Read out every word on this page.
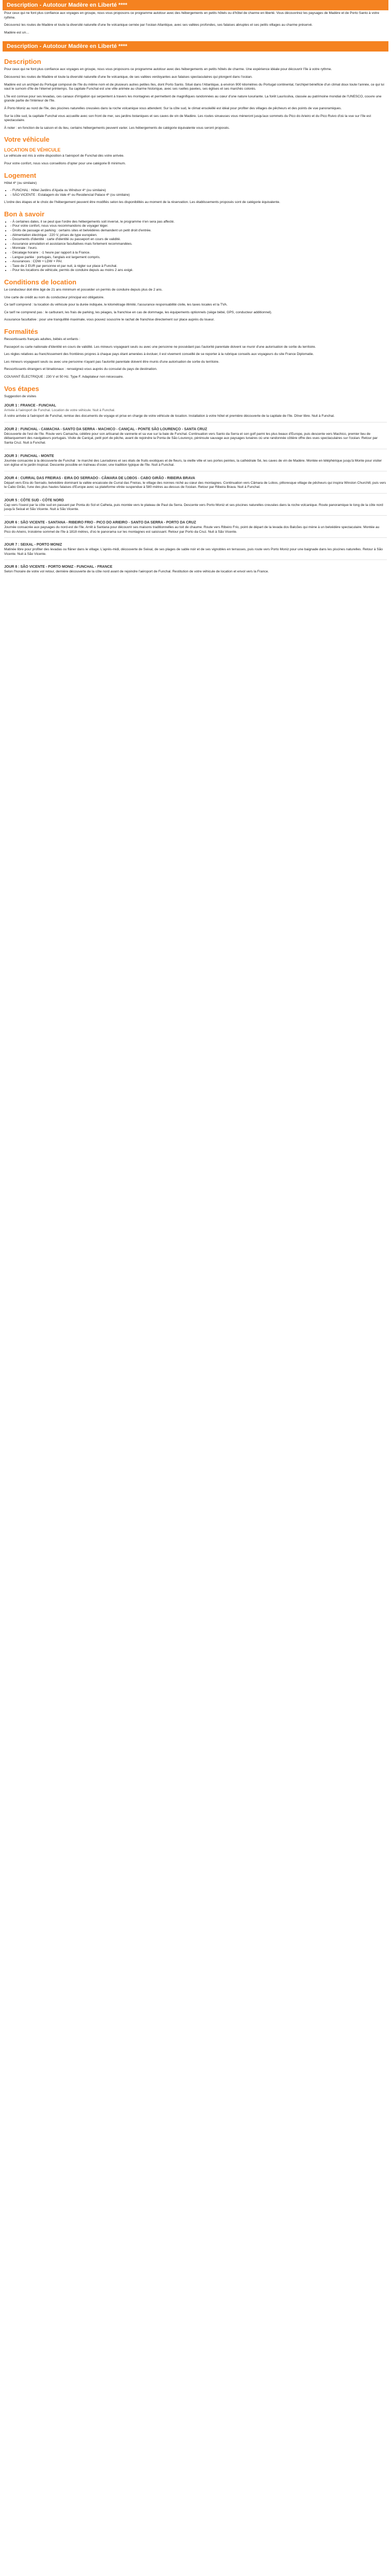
Description - Autotour Madère en Liberté ****

Pour ceux qui ne font plus confiance aux voyages en groupe, nous vous proposons ce programme autotour avec des hébergements en petits hôtels ou d'hôtel de charme en liberté. Vous découvrirez les paysages de Madère et de Porto Santo à votre rythme.

Découvrez les routes de Madère et toute la diversité naturelle d'une île volcanique cernée par l'océan Atlantique, avec ses vallées profondes, ses falaises abruptes et ses petits villages au charme préservé.

Madère est un…

Description - Autotour Madère en Liberté ****
Description

Pour ceux qui ne font plus confiance aux voyages en groupe, nous vous proposons ce programme autotour avec des hébergements en petits hôtels de charme. Une expérience idéale pour découvrir l'île à votre rythme.

Découvrez les routes de Madère et toute la diversité naturelle d'une île volcanique, de ses vallées verdoyantes aux falaises spectaculaires qui plongent dans l'océan.

Madère est un archipel du Portugal composé de l'île du même nom et de plusieurs autres petites îles, dont Porto Santo. Situé dans l'Atlantique, à environ 900 kilomètres du Portugal continental, l'archipel bénéficie d'un climat doux toute l'année, ce qui lui vaut le surnom d'île de l'éternel printemps. Sa capitale Funchal est une ville animée au charme historique, avec ses ruelles pavées, ses églises et ses marchés colorés.

L'île est connue pour ses levadas, ces canaux d'irrigation qui serpentent à travers les montagnes et permettent de magnifiques randonnées au cœur d'une nature luxuriante. La forêt Laurissilva, classée au patrimoine mondial de l'UNESCO, couvre une grande partie de l'intérieur de l'île.

À Porto Moniz au nord de l'île, des piscines naturelles creusées dans la roche volcanique vous attendent. Sur la côte sud, le climat ensoleillé est idéal pour profiter des villages de pêcheurs et des points de vue panoramiques.

Sur la côte sud, la capitale Funchal vous accueille avec son front de mer, ses jardins botaniques et ses caves de vin de Madère. Les routes sinueuses vous mèneront jusqu'aux sommets du Pico do Arieiro et du Pico Ruivo d'où la vue sur l'île est spectaculaire.

À noter : en fonction de la saison et du lieu, certains hébergements peuvent varier. Les hébergements de catégorie équivalente vous seront proposés.

Votre véhicule
LOCATION DE VÉHICULE

Le véhicule est mis à votre disposition à l'aéroport de Funchal dès votre arrivée.

Pour votre confort, nous vous conseillons d'opter pour une catégorie B minimum.

Logement

Hôtel 4* (ou similaire)

• - FUNCHAL : Hôtel Jardins d'Ajuda ou Windsor 4* (ou similaire)
• - SÃO VICENTE : Estalagem do Vale 4* ou Residencial Palace 4* (ou similaire)

L'ordre des étapes et le choix de l'hébergement peuvent être modifiés selon les disponibilités au moment de la réservation. Les établissements proposés sont de catégorie équivalente.

Bon à savoir
• - À certaines dates, il se peut que l'ordre des hébergements soit inversé, le programme n'en sera pas affecté.
• - Pour votre confort, nous vous recommandons de voyager léger.
• - Droits de passage et parking : certains sites et belvédères demandent un petit droit d'entrée.
• - Alimentation électrique : 220 V, prises de type européen.
• - Documents d'identité : carte d'identité ou passeport en cours de validité.
• - Assurance annulation et assistance facultatives mais fortement recommandées.
• - Monnaie : l'euro.
• - Décalage horaire : -1 heure par rapport à la France.
• - Langue parlée : portugais, l'anglais est largement compris.
• - Assurances : CDW + LDW + PAI.
• - Taxe de 2 EUR par personne et par nuit, à régler sur place à Funchal.
• - Pour les locations de véhicule, permis de conduire depuis au moins 2 ans exigé.
Conditions de location

Le conducteur doit être âgé de 21 ans minimum et posséder un permis de conduire depuis plus de 2 ans.

Une carte de crédit au nom du conducteur principal est obligatoire.

Ce tarif comprend : la location du véhicule pour la durée indiquée, le kilométrage illimité, l'assurance responsabilité civile, les taxes locales et la TVA.

Ce tarif ne comprend pas : le carburant, les frais de parking, les péages, la franchise en cas de dommage, les équipements optionnels (siège bébé, GPS, conducteur additionnel).

Assurance facultative : pour une tranquillité maximale, vous pouvez souscrire le rachat de franchise directement sur place auprès du loueur.

Formalités

Ressortissants français adultes, bébés et enfants :

Passeport ou carte nationale d'identité en cours de validité. Les mineurs voyageant seuls ou avec une personne ne possédant pas l'autorité parentale doivent se munir d'une autorisation de sortie du territoire.

Les règles relatives au franchissement des frontières propres à chaque pays étant amenées à évoluer, il est vivement conseillé de se reporter à la rubrique conseils aux voyageurs du site France Diplomatie.

Les mineurs voyageant seuls ou avec une personne n'ayant pas l'autorité parentale doivent être munis d'une autorisation de sortie du territoire.

Ressortissants étrangers et binationaux : renseignez-vous auprès du consulat du pays de destination.

COUVANT ÉLECTRIQUE : 230 V et 50 Hz. Type F. Adaptateur non nécessaire.

Vos étapes

Suggestion de visites

JOUR 1 : FRANCE - FUNCHAL
Arrivée à l'aéroport de Funchal. Location de votre véhicule. Nuit à Funchal.

À votre arrivée à l'aéroport de Funchal, remise des documents de voyage et prise en charge de votre véhicule de location. Installation à votre hôtel et première découverte de la capitale de l'île. Dîner libre. Nuit à Funchal.

JOUR 2 : FUNCHAL - CAMACHA - SANTO DA SERRA - MACHICO - CANIÇAL - PONTE SÃO LOURENÇO - SANTA CRUZ

Découverte de l'est de l'île. Route vers Camacha, célèbre pour son artisanat de vannerie et sa vue sur la baie de Funchal. Continuation vers Santo da Serra et son golf parmi les plus beaux d'Europe, puis descente vers Machico, premier lieu de débarquement des navigateurs portugais. Visite de Caniçal, petit port de pêche, avant de rejoindre la Ponta de São Lourenço, péninsule sauvage aux paysages lunaires où une randonnée côtière offre des vues spectaculaires sur l'océan. Retour par Santa Cruz. Nuit à Funchal.

JOUR 3 : FUNCHAL - MONTE

Journée consacrée à la découverte de Funchal : le marché des Lavradores et ses étals de fruits exotiques et de fleurs, la vieille ville et ses portes peintes, la cathédrale Sé, les caves de vin de Madère. Montée en téléphérique jusqu'à Monte pour visiter son église et le jardin tropical. Descente possible en traîneau d'osier, une tradition typique de l'île. Nuit à Funchal.

JOUR 4 : CURRAL DAS FREIRAS - EIRA DO SERRADO - CÂMARA DE LOBOS - CABO GIRÃO - RIBEIRA BRAVA

Départ vers Eira do Serrado, belvédère dominant la vallée encaissée de Curral das Freiras, le village des nonnes niché au cœur des montagnes. Continuation vers Câmara de Lobos, pittoresque village de pêcheurs qui inspira Winston Churchill, puis vers le Cabo Girão, l'une des plus hautes falaises d'Europe avec sa plateforme vitrée suspendue à 580 mètres au-dessus de l'océan. Retour par Ribeira Brava. Nuit à Funchal.

JOUR 5 : CÔTE SUD - CÔTE NORD

Cap vers l'ouest par la côte sud en passant par Ponta do Sol et Calheta, puis montée vers le plateau de Paul da Serra. Descente vers Porto Moniz et ses piscines naturelles creusées dans la roche volcanique. Route panoramique le long de la côte nord jusqu'à Seixal et São Vicente. Nuit à São Vicente.

JOUR 6 : SÃO VICENTE - SANTANA - RIBEIRO FRIO - PICO DO ARIEIRO - SANTO DA SERRA - PORTO DA CRUZ

Journée consacrée aux paysages du nord-est de l'île. Arrêt à Santana pour découvrir ses maisons traditionnelles au toit de chaume. Route vers Ribeiro Frio, point de départ de la levada dos Balcões qui mène à un belvédère spectaculaire. Montée au Pico do Arieiro, troisième sommet de l'île à 1818 mètres, d'où le panorama sur les montagnes est saisissant. Retour par Porto da Cruz. Nuit à São Vicente.

JOUR 7 : SEIXAL - PORTO MONIZ

Matinée libre pour profiter des levadas ou flâner dans le village. L'après-midi, découverte de Seixal, de ses plages de sable noir et de ses vignobles en terrasses, puis route vers Porto Moniz pour une baignade dans les piscines naturelles. Retour à São Vicente. Nuit à São Vicente.

JOUR 8 : SÃO VICENTE - PORTO MONIZ - FUNCHAL - FRANCE

Selon l'horaire de votre vol retour, dernière découverte de la côte nord avant de rejoindre l'aéroport de Funchal. Restitution de votre véhicule de location et envol vers la France.
